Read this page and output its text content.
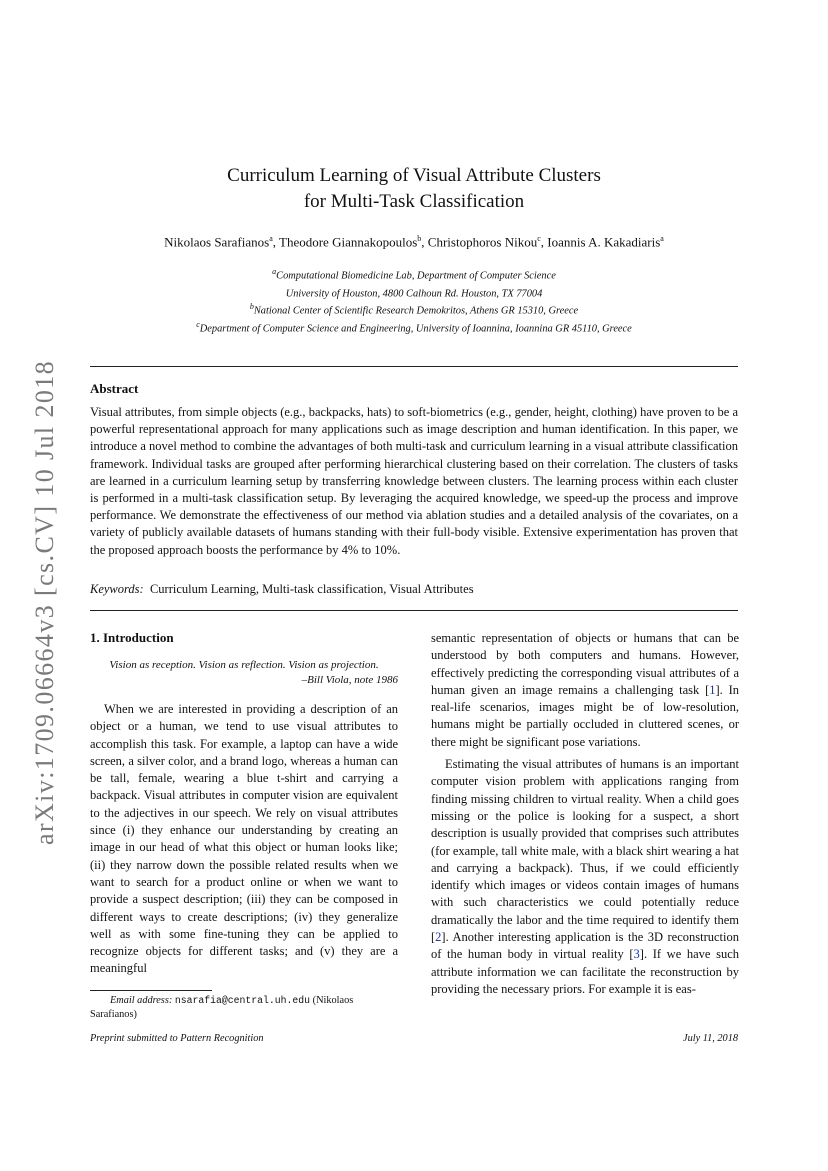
arXiv:1709.06664v3 [cs.CV] 10 Jul 2018
Curriculum Learning of Visual Attribute Clusters
for Multi-Task Classification
Nikolaos Sarafianos$^a$, Theodore Giannakopoulos$^b$, Christophoros Nikou$^c$, Ioannis A. Kakadiaris$^a$
$^a$Computational Biomedicine Lab, Department of Computer Science
University of Houston, 4800 Calhoun Rd. Houston, TX 77004
$^b$National Center of Scientific Research Demokritos, Athens GR 15310, Greece
$^c$Department of Computer Science and Engineering, University of Ioannina, Ioannina GR 45110, Greece
Abstract
Visual attributes, from simple objects (e.g., backpacks, hats) to soft-biometrics (e.g., gender, height, clothing) have proven to be a powerful representational approach for many applications such as image description and human identification. In this paper, we introduce a novel method to combine the advantages of both multi-task and curriculum learning in a visual attribute classification framework. Individual tasks are grouped after performing hierarchical clustering based on their correlation. The clusters of tasks are learned in a curriculum learning setup by transferring knowledge between clusters. The learning process within each cluster is performed in a multi-task classification setup. By leveraging the acquired knowledge, we speed-up the process and improve performance. We demonstrate the effectiveness of our method via ablation studies and a detailed analysis of the covariates, on a variety of publicly available datasets of humans standing with their full-body visible. Extensive experimentation has proven that the proposed approach boosts the performance by 4% to 10%.
Keywords: Curriculum Learning, Multi-task classification, Visual Attributes
1. Introduction
Vision as reception. Vision as reflection. Vision as projection.
–Bill Viola, note 1986

When we are interested in providing a description of an object or a human, we tend to use visual attributes to accomplish this task. For example, a laptop can have a wide screen, a silver color, and a brand logo, whereas a human can be tall, female, wearing a blue t-shirt and carrying a backpack. Visual attributes in computer vision are equivalent to the adjectives in our speech. We rely on visual attributes since (i) they enhance our understanding by creating an image in our head of what this object or human looks like; (ii) they narrow down the possible related results when we want to search for a product online or when we want to provide a suspect description; (iii) they can be composed in different ways to create descriptions; (iv) they generalize well as with some fine-tuning they can be applied to recognize objects for different tasks; and (v) they are a meaningful

semantic representation of objects or humans that can be understood by both computers and humans. However, effectively predicting the corresponding visual attributes of a human given an image remains a challenging task [1]. In real-life scenarios, images might be of low-resolution, humans might be partially occluded in cluttered scenes, or there might be significant pose variations.

Estimating the visual attributes of humans is an important computer vision problem with applications ranging from finding missing children to virtual reality. When a child goes missing or the police is looking for a suspect, a short description is usually provided that comprises such attributes (for example, tall white male, with a black shirt wearing a hat and carrying a backpack). Thus, if we could efficiently identify which images or videos contain images of humans with such characteristics we could potentially reduce dramatically the labor and the time required to identify them [2]. Another interesting application is the 3D reconstruction of the human body in virtual reality [3]. If we have such attribute information we can facilitate the reconstruction by providing the necessary priors. For example it is eas-

Email address: nsarafia@central.uh.edu (Nikolaos Sarafianos)
Preprint submitted to Pattern Recognition	July 11, 2018
